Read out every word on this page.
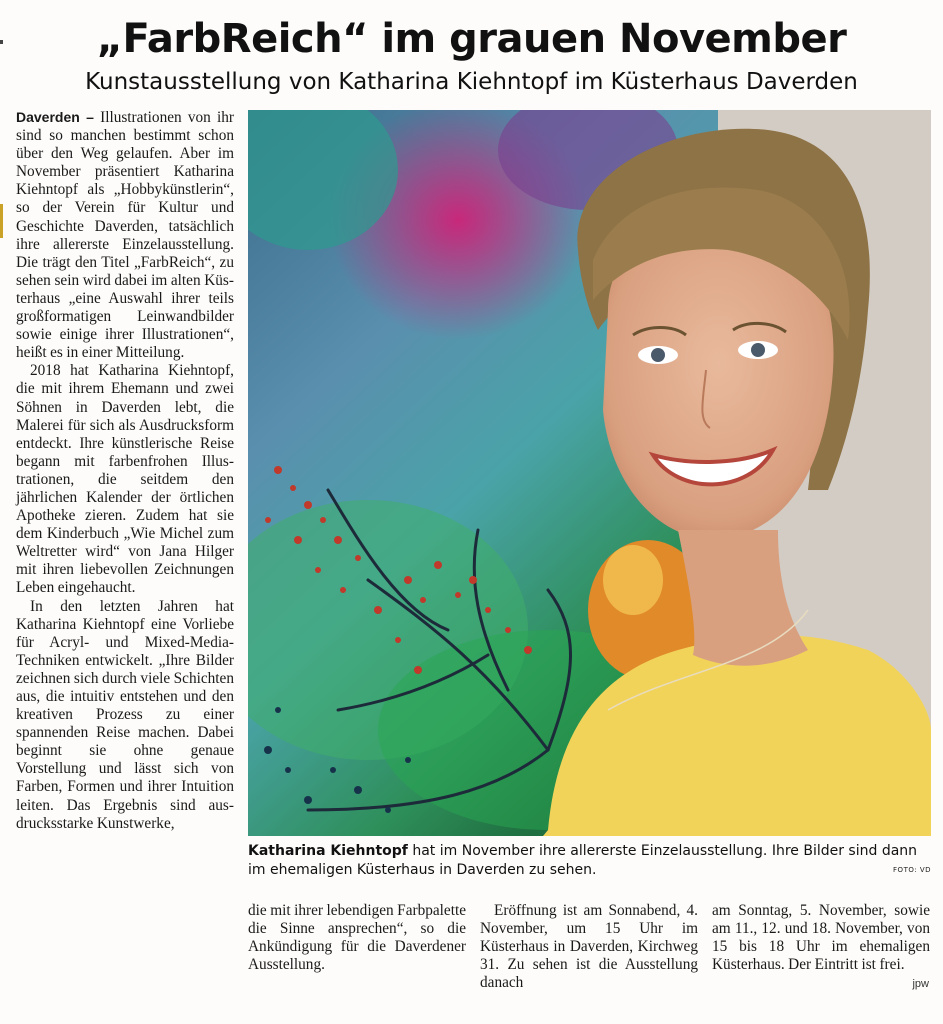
„FarbReich“ im grauen November
Kunstausstellung von Katharina Kiehntopf im Küsterhaus Daverden

Daverden – Illustrationen von ihr sind so manchen bestimmt schon über den Weg gelaufen. Aber im November präsentiert Katharina Kiehntopf als „Hobbykünstlerin“, so der Verein für Kultur und Geschichte Daverden, tatsächlich ihre allererste Einzelausstellung. Die trägt den Titel „FarbReich“, zu sehen sein wird dabei im alten Küsterhaus „eine Auswahl ihrer teils großformatigen Leinwandbilder sowie einige ihrer Illustrationen“, heißt es in einer Mitteilung.

2018 hat Katharina Kiehntopf, die mit ihrem Ehemann und zwei Söhnen in Daverden lebt, die Malerei für sich als Ausdrucksform entdeckt. Ihre künstlerische Reise begann mit farbenfrohen Illustrationen, die seitdem den jährlichen Kalender der örtlichen Apotheke zieren. Zudem hat sie dem Kinderbuch „Wie Michel zum Weltretter wird“ von Jana Hilger mit ihren liebevollen Zeichnungen Leben eingehaucht.

In den letzten Jahren hat Katharina Kiehntopf eine Vorliebe für Acryl- und Mixed-Media-Techniken entwickelt. „Ihre Bilder zeichnen sich durch viele Schichten aus, die intuitiv entstehen und den kreativen Prozess zu einer spannenden Reise machen. Dabei beginnt sie ohne genaue Vorstellung und lässt sich von Farben, Formen und ihrer Intuition leiten. Das Ergebnis sind ausdrucksstarke Kunstwerke,

Katharina Kiehntopf hat im November ihre allererste Einzelausstellung. Ihre Bilder sind dann im ehemaligen Küsterhaus in Daverden zu sehen.	FOTO: VD

die mit ihrer lebendigen Farbpalette die Sinne ansprechen“, so die Ankündigung für die Daverdener Ausstellung.

Eröffnung ist am Sonnabend, 4. November, um 15 Uhr im Küsterhaus in Daverden, Kirchweg 31. Zu sehen ist die Ausstellung danach

am Sonntag, 5. November, sowie am 11., 12. und 18. November, von 15 bis 18 Uhr im ehemaligen Küsterhaus. Der Eintritt ist frei.

jpw
